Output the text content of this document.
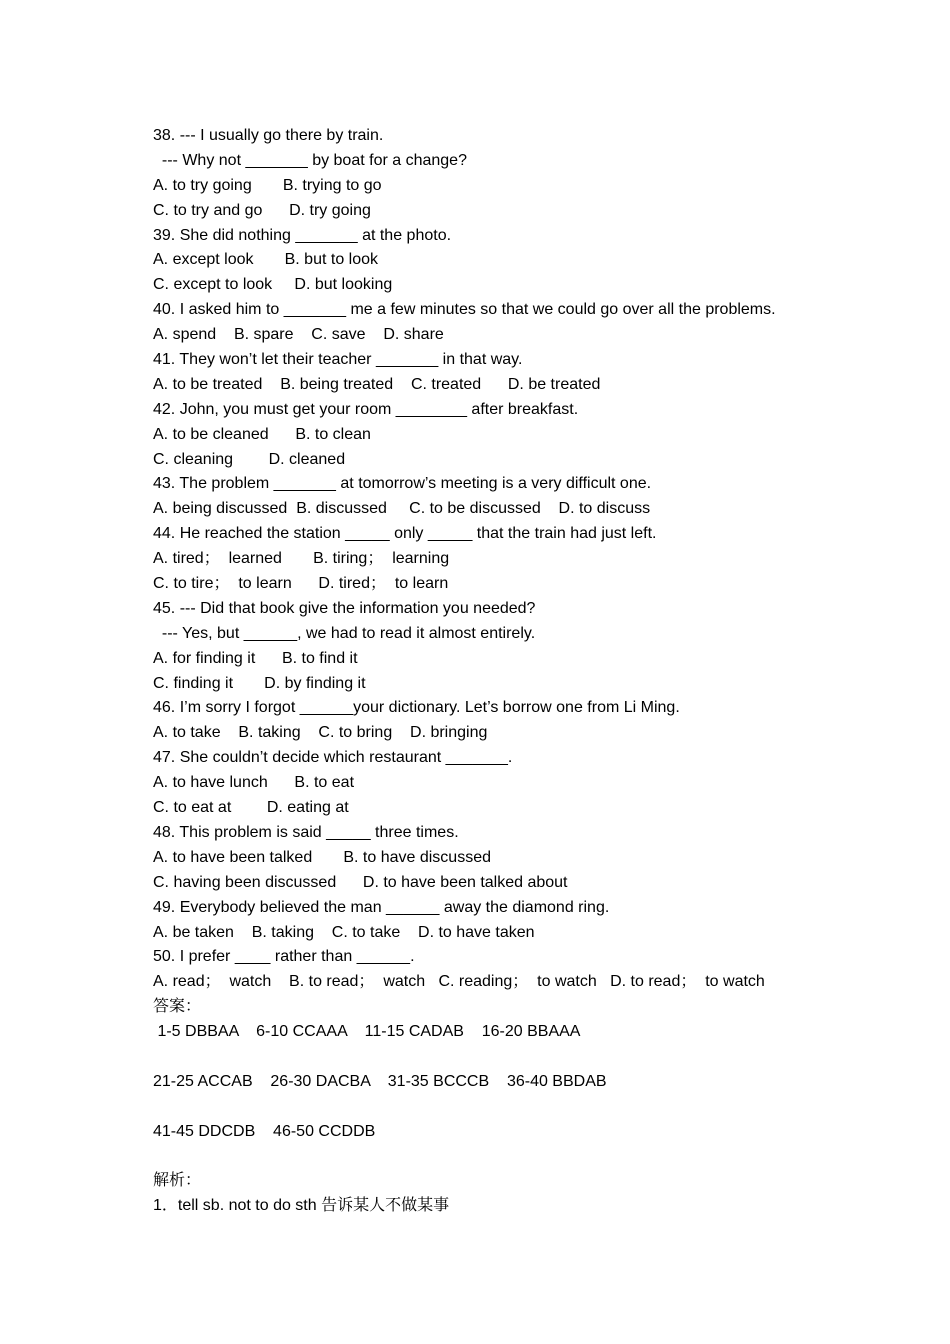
38. --- I usually go there by train.
--- Why not _______ by boat for a change?
A. to try going       B. trying to go
C. to try and go      D. try going
39. She did nothing _______ at the photo.
A. except look       B. but to look
C. except to look     D. but looking
40. I asked him to _______ me a few minutes so that we could go over all the problems.
A. spend    B. spare    C. save    D. share
41. They won’t let their teacher _______ in that way.
A. to be treated    B. being treated    C. treated      D. be treated
42. John, you must get your room ________ after breakfast.
A. to be cleaned      B. to clean
C. cleaning        D. cleaned
43. The problem _______ at tomorrow’s meeting is a very difficult one.
A. being discussed  B. discussed     C. to be discussed    D. to discuss
44. He reached the station _____ only _____ that the train had just left.
A. tired；  learned       B. tiring；  learning
C. to tire；  to learn      D. tired；  to learn
45. --- Did that book give the information you needed?
--- Yes, but ______, we had to read it almost entirely.
A. for finding it      B. to find it
C. finding it       D. by finding it
46. I’m sorry I forgot ______your dictionary. Let’s borrow one from Li Ming.
A. to take    B. taking    C. to bring    D. bringing
47. She couldn’t decide which restaurant _______.
A. to have lunch      B. to eat
C. to eat at        D. eating at
48. This problem is said _____ three times.
A. to have been talked       B. to have discussed
C. having been discussed      D. to have been talked about
49. Everybody believed the man ______ away the diamond ring.
A. be taken    B. taking    C. to take    D. to have taken
50. I prefer ____ rather than ______.
A. read；  watch    B. to read；  watch   C. reading；  to watch   D. to read；  to watch
答案：
1-5 DBBAA    6-10 CCAAA    11-15 CADAB    16-20 BBAAA
21-25 ACCAB    26-30 DACBA    31-35 BCCCB    36-40 BBDAB
41-45 DDCDB    46-50 CCDDB
解析：
1．tell sb. not to do sth 告诉某人不做某事
